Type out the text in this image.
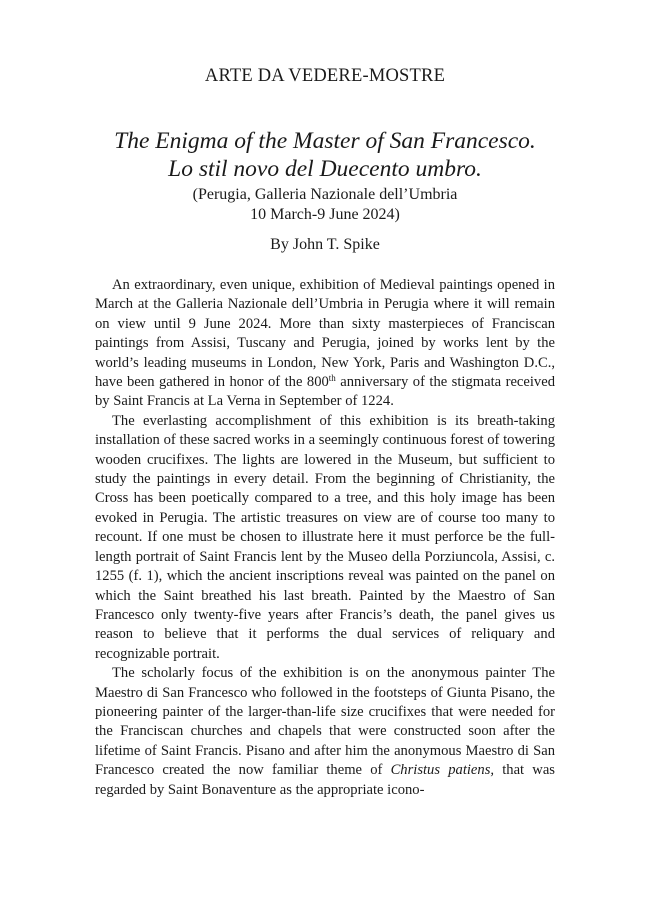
ARTE DA VEDERE-MOSTRE
The Enigma of the Master of San Francesco.
Lo stil novo del Duecento umbro.
(Perugia, Galleria Nazionale dell’Umbria
10 March-9 June 2024)
By John T. Spike

An extraordinary, even unique, exhibition of Medieval paintings opened in March at the Galleria Nazionale dell’Umbria in Perugia where it will remain on view until 9 June 2024. More than sixty masterpieces of Franciscan paintings from Assisi, Tuscany and Perugia, joined by works lent by the world’s leading museums in London, New York, Paris and Washington D.C., have been gathered in honor of the 800th anniversary of the stigmata received by Saint Francis at La Verna in September of 1224.

The everlasting accomplishment of this exhibition is its breath-taking installation of these sacred works in a seemingly continuous forest of towering wooden crucifixes. The lights are lowered in the Museum, but sufficient to study the paintings in every detail. From the beginning of Christianity, the Cross has been poetically compared to a tree, and this holy image has been evoked in Perugia. The artistic treasures on view are of course too many to recount. If one must be chosen to illustrate here it must perforce be the full-length portrait of Saint Francis lent by the Museo della Porziuncola, Assisi, c. 1255 (f. 1), which the ancient inscriptions reveal was painted on the panel on which the Saint breathed his last breath. Painted by the Maestro of San Francesco only twenty-five years after Francis’s death, the panel gives us reason to believe that it performs the dual services of reliquary and recognizable portrait.

The scholarly focus of the exhibition is on the anonymous painter The Maestro di San Francesco who followed in the footsteps of Giunta Pisano, the pioneering painter of the larger-than-life size crucifixes that were needed for the Franciscan churches and chapels that were constructed soon after the lifetime of Saint Francis. Pisano and after him the anonymous Maestro di San Francesco created the now familiar theme of Christus patiens, that was regarded by Saint Bonaventure as the appropriate icono-
